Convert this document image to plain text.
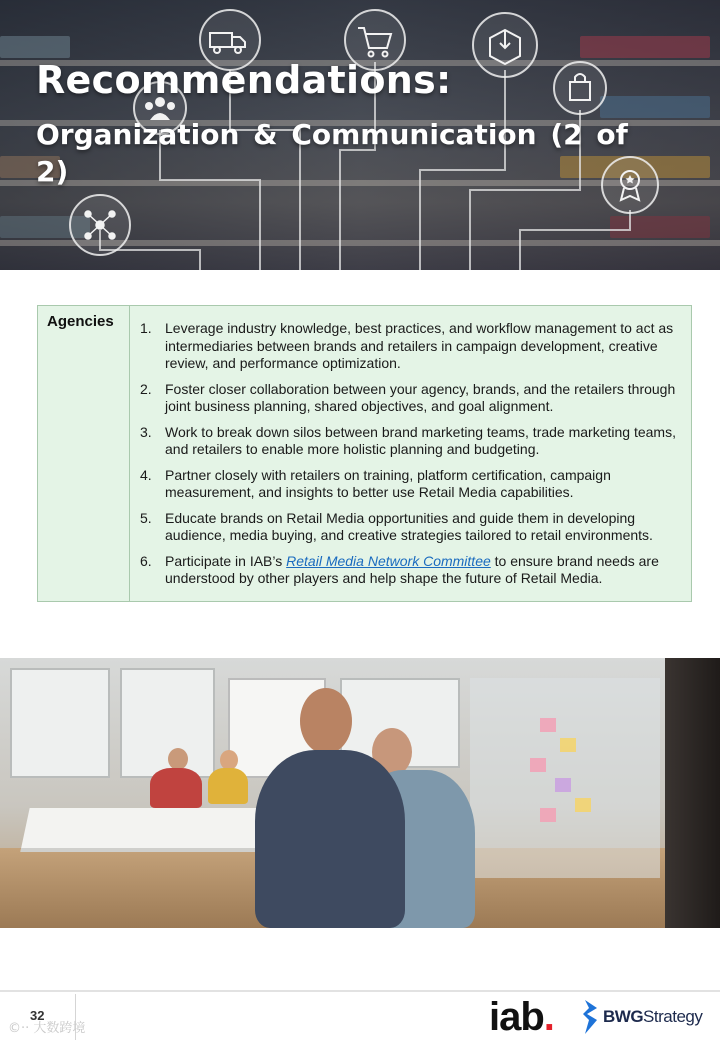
Recommendations:
Organization & Communication (2 of 2)
Agencies	1. Leverage industry knowledge, best practices, and workflow management to act as intermediaries between brands and retailers in campaign development, creative review, and performance optimization.
2. Foster closer collaboration between your agency, brands, and the retailers through joint business planning, shared objectives, and goal alignment.
3. Work to break down silos between brand marketing teams, trade marketing teams, and retailers to enable more holistic planning and budgeting.
4. Partner closely with retailers on training, platform certification, campaign measurement, and insights to better use Retail Media capabilities.
5. Educate brands on Retail Media opportunities and guide them in developing audience, media buying, and creative strategies tailored to retail environments.
6. Participate in IAB’s Retail Media Network Committee to ensure brand needs are understood by other players and help shape the future of Retail Media.
32
©·· 大数跨境	iab.	BWGStrategy
